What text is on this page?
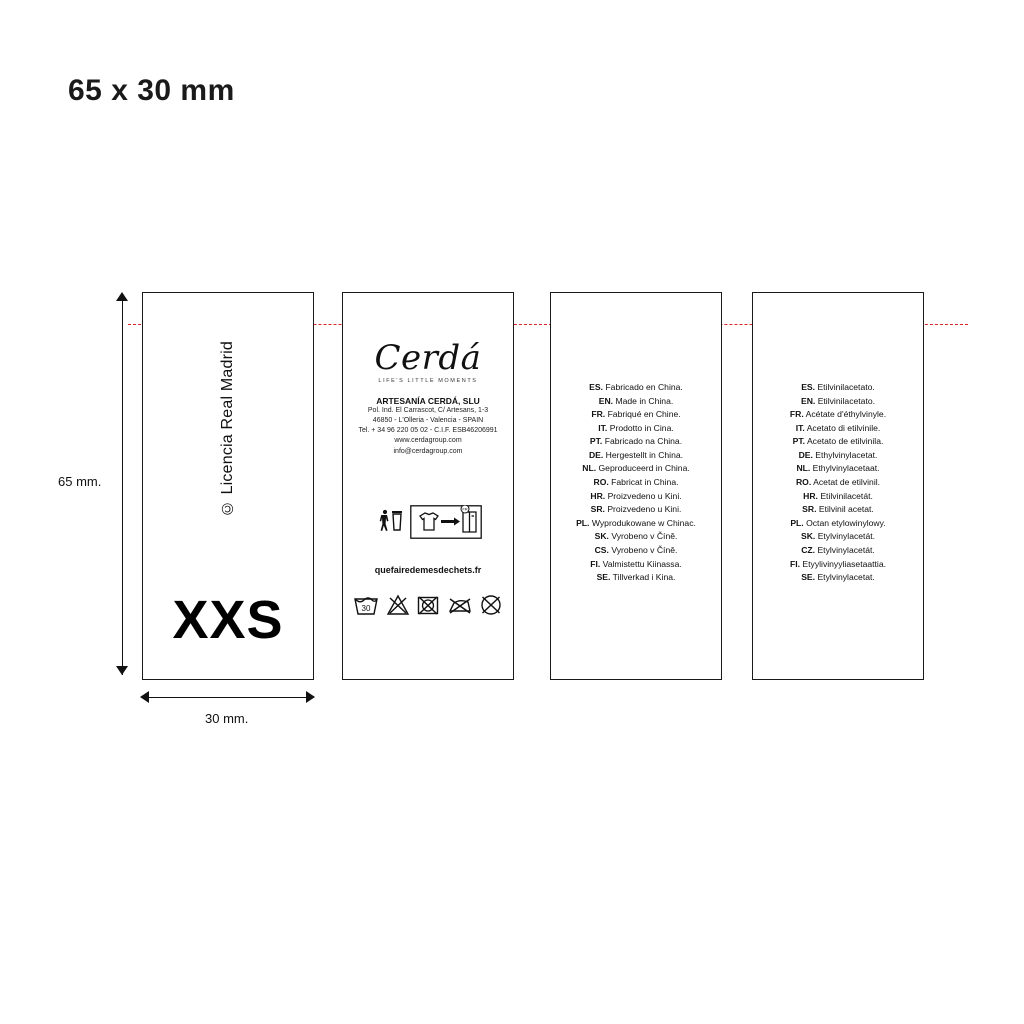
65 x 30 mm
65 mm.
30 mm.
© Licencia Real Madrid
XXS
Cerdá
LIFE'S LITTLE MOMENTS
ARTESANÍA CERDÁ, SLU
Pol. Ind. El Carrascot, C/ Artesans, 1-3
46850 - L'Olleria - Valencia - SPAIN
Tel. + 34 96 220 05 02 - C.I.F. ESB46206991
www.cerdagroup.com
info@cerdagroup.com
FR
quefairedemesdechets.fr
30
ES. Fabricado en China.
EN. Made in China.
FR. Fabriqué en Chine.
IT. Prodotto in Cina.
PT. Fabricado na China.
DE. Hergestellt in China.
NL. Geproduceerd in China.
RO. Fabricat in China.
HR. Proizvedeno u Kini.
SR. Proizvedeno u Kini.
PL. Wyprodukowane w Chinac.
SK. Vyrobeno v Číně.
CS. Vyrobeno v Číně.
FI. Valmistettu Kiinassa.
SE. Tillverkad i Kina.
ES. Etilvinilacetato.
EN. Etilvinilacetato.
FR. Acétate d'éthylvinyle.
IT. Acetato di etilvinile.
PT. Acetato de etilvinila.
DE. Ethylvinylacetat.
NL. Ethylvinylacetaat.
RO. Acetat de etilvinil.
HR. Etilvinilacetát.
SR. Etilvinil acetat.
PL. Octan etylowinylowy.
SK. Etylvinylacetát.
CZ. Etylvinylacetát.
FI. Etyylivinyyliasetaattia.
SE. Etylvinylacetat.
